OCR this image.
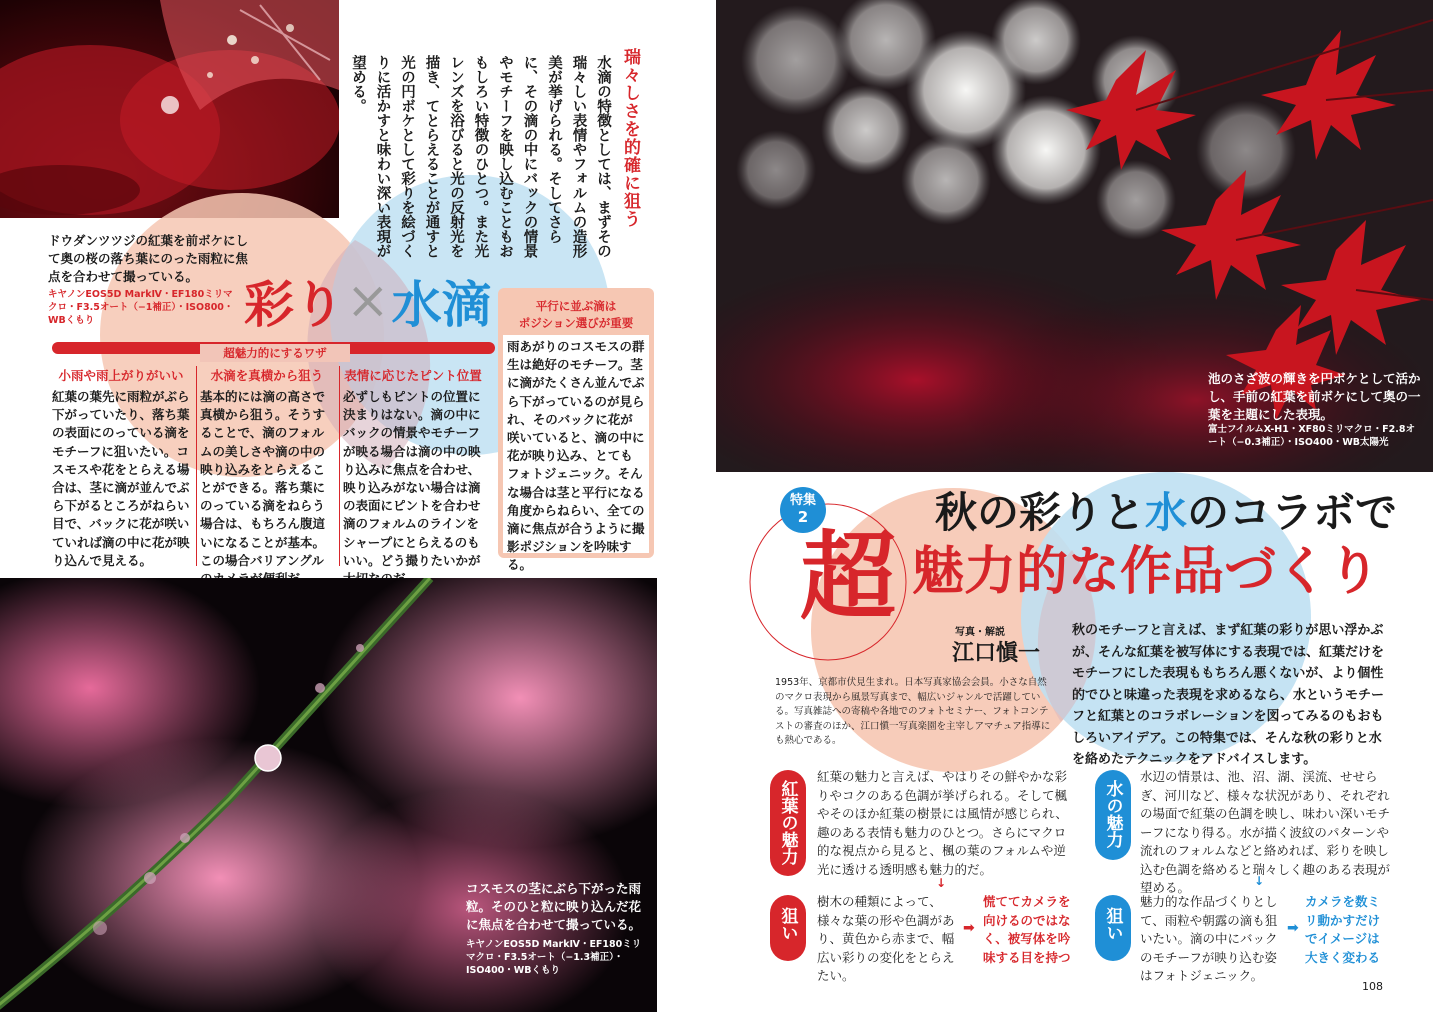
ドウダンツツジの紅葉を前ボケにして奥の桜の落ち葉にのった雨粒に焦点を合わせて撮っている。
キヤノンEOS5D MarkⅣ・EF180ミリマクロ・F3.5オート（−1補正）・ISO800・WBくもり	彩り × 水滴
瑞々しさを的確に狙う
水滴の特徴としては、まずその瑞々しい表情やフォルムの造形美が挙げられる。そしてさらに、その滴の中にバックの情景やモチーフを映し込むこともおもしろい特徴のひとつ。また光レンズを浴びると光の反射光を描き、てとらえることが通すと光の円ボケとして彩りを絵づくりに活かすと味わい深い表現が望める。
超魅力的にするワザ
小雨や雨上がりがいい
紅葉の葉先に雨粒がぶら下がっていたり、落ち葉の表面にのっている滴をモチーフに狙いたい。コスモスや花をとらえる場合は、茎に滴が並んでぶら下がるところがねらい目で、バックに花が咲いていれば滴の中に花が映り込んで見える。
水滴を真横から狙う
基本的には滴の高さで真横から狙う。そうすることで、滴のフォルムの美しさや滴の中の映り込みをとらえることができる。落ち葉にのっている滴をねらう場合は、もちろん腹這いになることが基本。この場合バリアングル
表情に応じたピント位置
必ずしもピントの位置に決まりはない。滴の中にバックの情景やモチーフが映る場合は滴の中の映り込みに焦点を合わせ、映り込みがない場合は滴の表面にピントを合わせ滴のフォルムのラインをシャープにとらえるのもいい。どう撮りたいかが
平行に並ぶ滴は
ポジション選びが重要
雨あがりのコスモスの群生は絶好のモチーフ。茎に滴がたくさん並んでぶら下がっているのが見られ、そのバックに花が咲いていると、滴の中に花が映り込み、とてもフォトジェニック。そんな場合は茎と平行になる角度からねらい、全ての滴に焦点が合うように撮影ポジションを吟味する。
コスモスの茎にぶら下がった雨粒。そのひと粒に映り込んだ花に焦点を合わせて撮っている。
キヤノンEOS5D MarkⅣ・EF180ミリマクロ・F3.5オート（−1.3補正）・ISO400・WBくもり
池のさざ波の輝きを円ボケとして活かし、手前の紅葉を前ボケにして奥の一葉を主題にした表現。
富士フイルムX-H1・XF80ミリマクロ・F2.8オート（−0.3補正）・ISO400・WB太陽光
特集
2	秋の彩りと水のコラボで
超 魅力的な作品づくり
写真・解説
江口愼一
1953年、京都市伏見生まれ。日本写真家協会会員。小さな自然のマクロ表現から風景写真まで、幅広いジャンルで活躍している。写真雑誌への寄稿や各地でのフォトセミナー、フォトコンテストの審査のほか、江口愼一写真楽園を主宰しアマチュア指導にも熱心である。
秋のモチーフと言えば、まず紅葉の彩りが思い浮かぶが、そんな紅葉を被写体にする表現では、紅葉だけをモチーフにした表現ももちろん悪くないが、より個性的でひと味違った表現を求めるなら、水というモチーフと紅葉とのコラボレーションを図ってみるのもおもしろいアイデア。この特集では、そんな秋の彩りと水を絡めたテクニックをアドバイスします。
紅葉の魅力
紅葉の魅力と言えば、やはりその鮮やかな彩りやコクのある色調が挙げられる。そして楓やそのほか紅葉の樹景には風情が感じられ、趣のある表情も魅力のひとつ。さらにマクロ的な視点から見ると、楓の葉のフォルムや逆光に透ける透明感も魅力的だ。
↓
狙い
樹木の種類によって、様々な葉の形や色調があり、黄色から赤まで、幅広い彩りの変化をとらえたい。
➡
慌ててカメラを向けるのではなく、被写体を吟味する目を持つ
水の魅力
水辺の情景は、池、沼、湖、渓流、せせらぎ、河川など、様々な状況があり、それぞれの場面で紅葉の色調を映し、味わい深いモチーフになり得る。水が描く波紋のパターンや流れのフォルムなどと絡めれば、彩りを映し込む色調を絡めると瑞々しく趣のある表現が望める。	↓
狙い
魅力的な作品づくりとして、雨粒や朝露の滴も狙いたい。滴の中にバックのモチーフが映り込む姿はフォトジェニック。
➡
カメラを数ミリ動かすだけでイメージは大きく変わる
108
